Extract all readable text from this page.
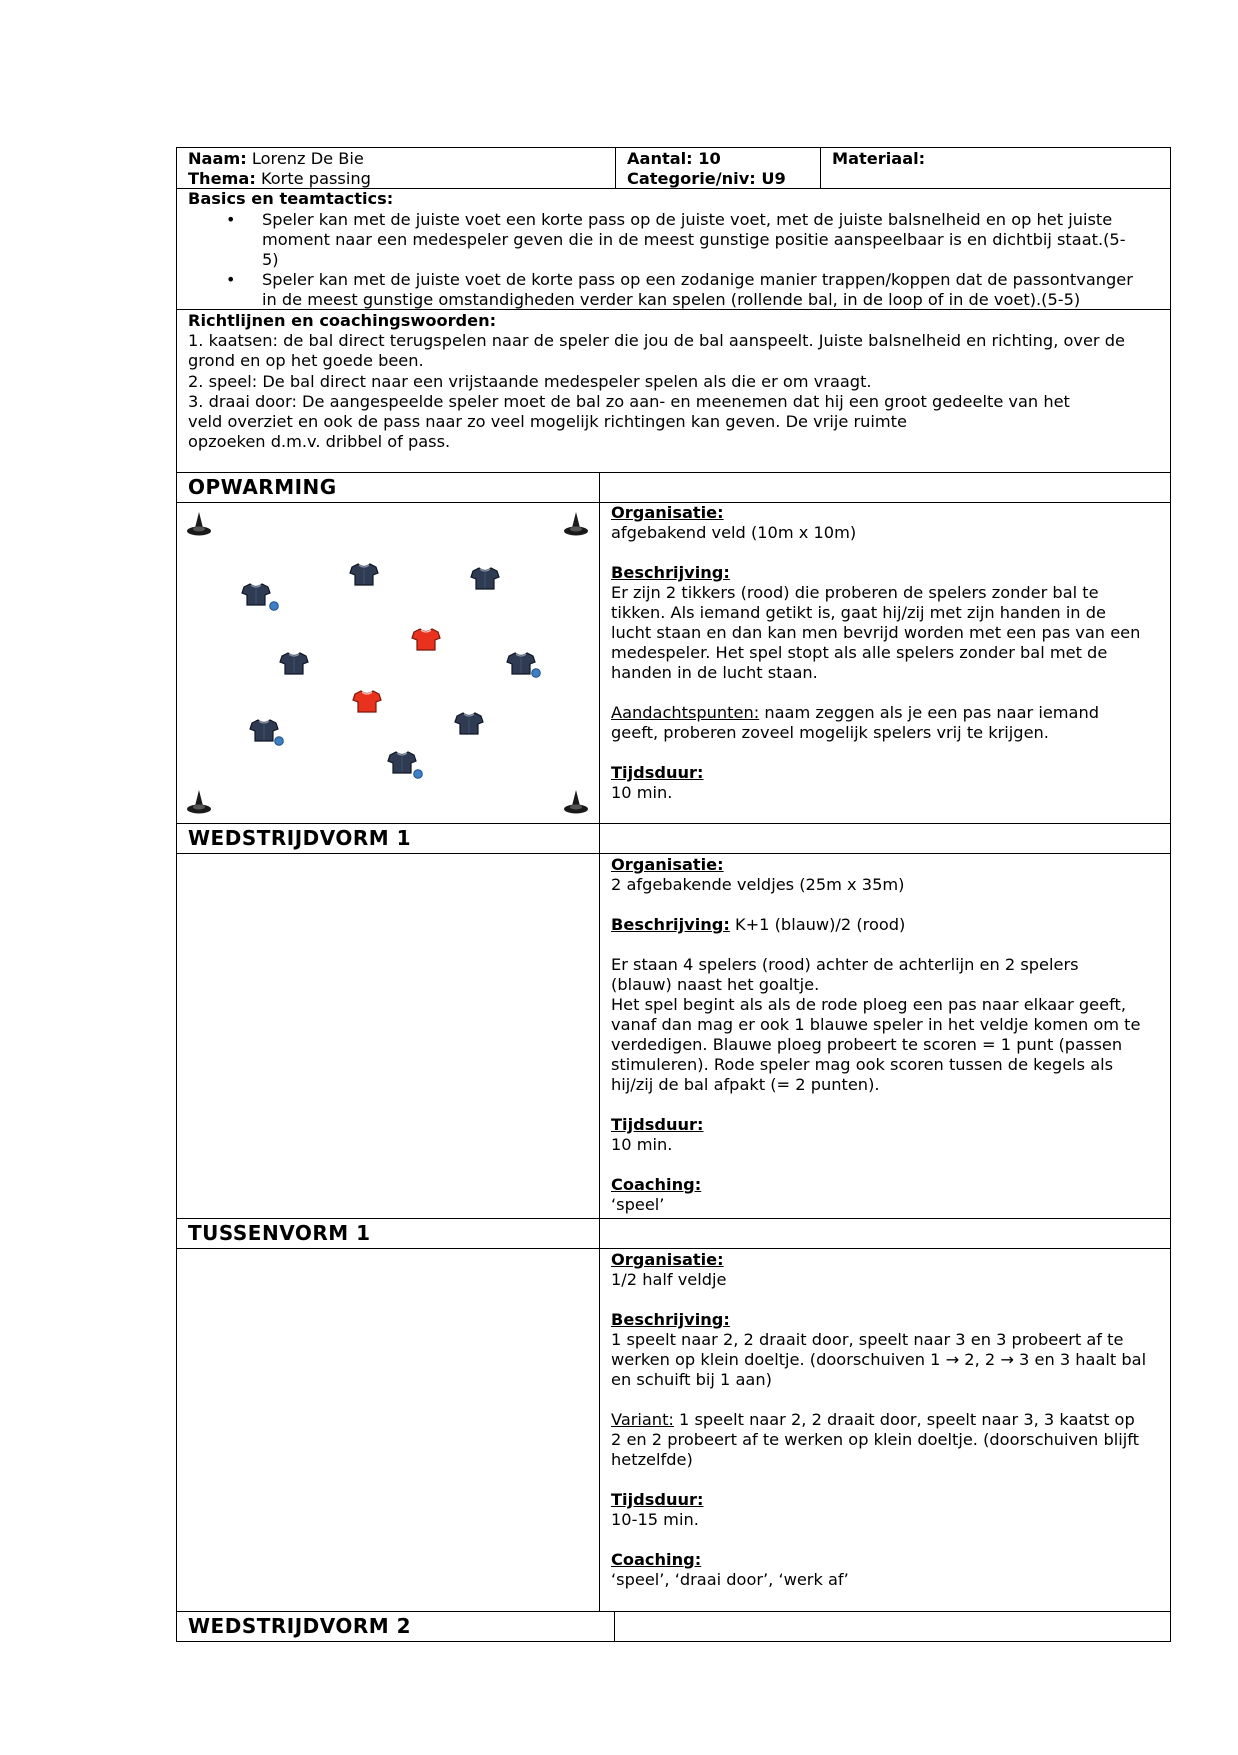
Naam: Lorenz De Bie
Thema: Korte passing
Aantal: 10
Categorie/niv: U9
Materiaal:
Basics en teamtactics:
• Speler kan met de juiste voet een korte pass op de juiste voet, met de juiste balsnelheid en op het juiste
moment naar een medespeler geven die in de meest gunstige positie aanspeelbaar is en dichtbij staat.(5-
5)
• Speler kan met de juiste voet de korte pass op een zodanige manier trappen/koppen dat de passontvanger
in de meest gunstige omstandigheden verder kan spelen (rollende bal, in de loop of in de voet).(5-5)
Richtlijnen en coachingswoorden:
1. kaatsen: de bal direct terugspelen naar de speler die jou de bal aanspeelt. Juiste balsnelheid en richting, over de
grond en op het goede been.
2. speel: De bal direct naar een vrijstaande medespeler spelen als die er om vraagt.
3. draai door: De aangespeelde speler moet de bal zo aan- en meenemen dat hij een groot gedeelte van het
veld overziet en ook de pass naar zo veel mogelijk richtingen kan geven. De vrije ruimte
opzoeken d.m.v. dribbel of pass.
OPWARMING
Organisatie:
afgebakend veld (10m x 10m)
Beschrijving:
Er zijn 2 tikkers (rood) die proberen de spelers zonder bal te
tikken. Als iemand getikt is, gaat hij/zij met zijn handen in de
lucht staan en dan kan men bevrijd worden met een pas van een
medespeler. Het spel stopt als alle spelers zonder bal met de
handen in de lucht staan.
Aandachtspunten: naam zeggen als je een pas naar iemand
geeft, proberen zoveel mogelijk spelers vrij te krijgen.
Tijdsduur:
10 min.
WEDSTRIJDVORM 1
Organisatie:
2 afgebakende veldjes (25m x 35m)
Beschrijving: K+1 (blauw)/2 (rood)
Er staan 4 spelers (rood) achter de achterlijn en 2 spelers
(blauw) naast het goaltje.
Het spel begint als als de rode ploeg een pas naar elkaar geeft,
vanaf dan mag er ook 1 blauwe speler in het veldje komen om te
verdedigen. Blauwe ploeg probeert te scoren = 1 punt (passen
stimuleren). Rode speler mag ook scoren tussen de kegels als
hij/zij de bal afpakt (= 2 punten).
Tijdsduur:
10 min.
Coaching:
‘speel’
TUSSENVORM 1
Organisatie:
1/2 half veldje
Beschrijving:
1 speelt naar 2, 2 draait door, speelt naar 3 en 3 probeert af te
werken op klein doeltje. (doorschuiven 1 → 2, 2 → 3 en 3 haalt bal
en schuift bij 1 aan)
Variant: 1 speelt naar 2, 2 draait door, speelt naar 3, 3 kaatst op
2 en 2 probeert af te werken op klein doeltje. (doorschuiven blijft
hetzelfde)
Tijdsduur:
10-15 min.
Coaching:
‘speel’, ‘draai door’, ‘werk af’
WEDSTRIJDVORM 2
